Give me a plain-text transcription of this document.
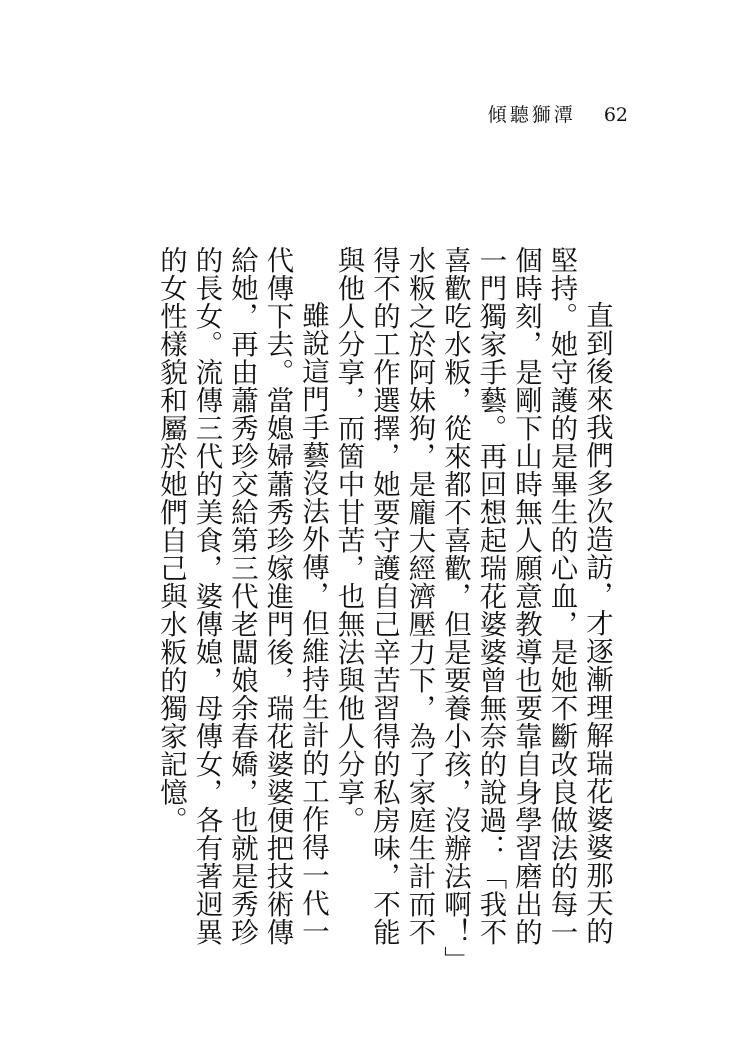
傾聽獅潭 62

直到後來我們多次造訪，才逐漸理解瑞花婆婆那天的堅持。她守護的是畢生的心血，是她不斷改良做法的每一個時刻，是剛下山時無人願意教導也要靠自身學習磨出的一門獨家手藝。再回想起瑞花婆婆曾無奈的說過：「我不喜歡吃水粄，從來都不喜歡，但是要養小孩，沒辦法啊！」水粄之於阿妹狗，是龐大經濟壓力下，為了家庭生計而不得不的工作選擇，她要守護自己辛苦習得的私房味，不能與他人分享，而箇中甘苦，也無法與他人分享。

雖說這門手藝沒法外傳，但維持生計的工作得一代一代傳下去。當媳婦蕭秀珍嫁進門後，瑞花婆婆便把技術傳給她，再由蕭秀珍交給第三代老闆娘余春嬌，也就是秀珍的長女。流傳三代的美食，婆傳媳，母傳女，各有著迥異的女性樣貌和屬於她們自己與水粄的獨家記憶。
